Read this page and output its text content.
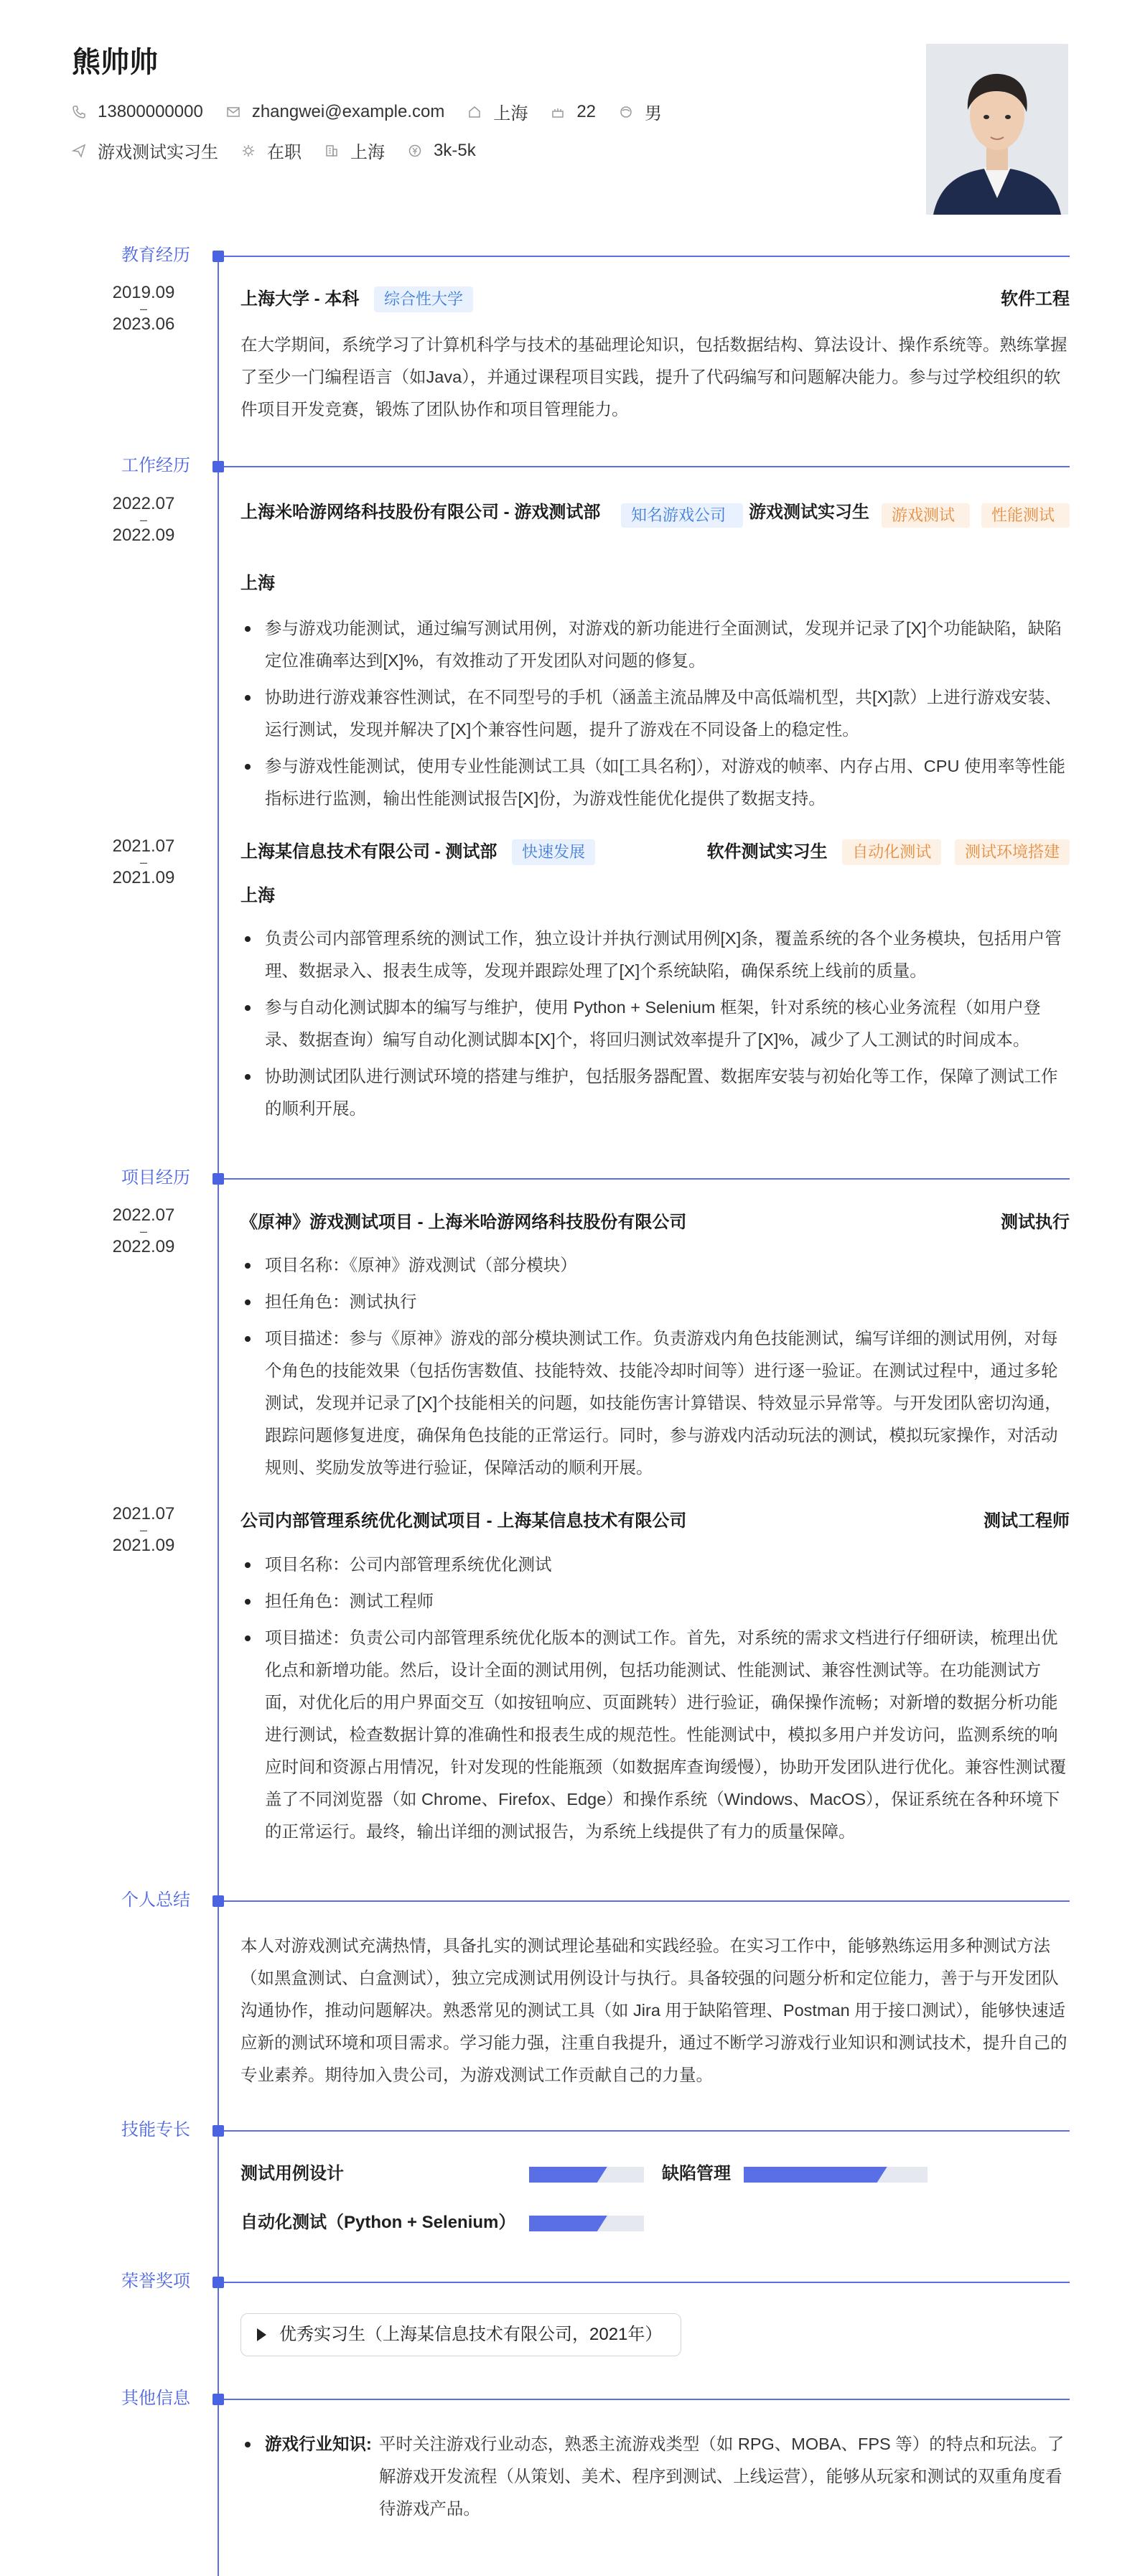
熊帅帅
13800000000	zhangwei@example.com	上海	22	男
游戏测试实习生	在职	上海	3k-5k
教育经历
2019.09
–
2023.06
上海大学 - 本科 综合性大学	软件工程
在大学期间，系统学习了计算机科学与技术的基础理论知识，包括数据结构、算法设计、操作系统等。熟练掌握了至少一门编程语言（如Java），并通过课程项目实践，提升了代码编写和问题解决能力。参与过学校组织的软件项目开发竞赛，锻炼了团队协作和项目管理能力。
工作经历
2022.07
–
2022.09
上海米哈游网络科技股份有限公司 - 游戏测试部	知名游戏公司	游戏测试实习生	游戏测试	性能测试
上海
参与游戏功能测试，通过编写测试用例，对游戏的新功能进行全面测试，发现并记录了[X]个功能缺陷，缺陷定位准确率达到[X]%，有效推动了开发团队对问题的修复。
协助进行游戏兼容性测试，在不同型号的手机（涵盖主流品牌及中高低端机型，共[X]款）上进行游戏安装、运行测试，发现并解决了[X]个兼容性问题，提升了游戏在不同设备上的稳定性。
参与游戏性能测试，使用专业性能测试工具（如[工具名称]），对游戏的帧率、内存占用、CPU 使用率等性能指标进行监测，输出性能测试报告[X]份，为游戏性能优化提供了数据支持。
2021.07
–
2021.09
上海某信息技术有限公司 - 测试部 快速发展	软件测试实习生 自动化测试 测试环境搭建
上海
负责公司内部管理系统的测试工作，独立设计并执行测试用例[X]条，覆盖系统的各个业务模块，包括用户管理、数据录入、报表生成等，发现并跟踪处理了[X]个系统缺陷，确保系统上线前的质量。
参与自动化测试脚本的编写与维护，使用 Python + Selenium 框架，针对系统的核心业务流程（如用户登录、数据查询）编写自动化测试脚本[X]个，将回归测试效率提升了[X]%，减少了人工测试的时间成本。
协助测试团队进行测试环境的搭建与维护，包括服务器配置、数据库安装与初始化等工作，保障了测试工作的顺利开展。
项目经历
2022.07
–
2022.09
《原神》游戏测试项目 - 上海米哈游网络科技股份有限公司	测试执行
项目名称：《原神》游戏测试（部分模块）
担任角色：测试执行
项目描述：参与《原神》游戏的部分模块测试工作。负责游戏内角色技能测试，编写详细的测试用例，对每个角色的技能效果（包括伤害数值、技能特效、技能冷却时间等）进行逐一验证。在测试过程中，通过多轮测试，发现并记录了[X]个技能相关的问题，如技能伤害计算错误、特效显示异常等。与开发团队密切沟通，跟踪问题修复进度，确保角色技能的正常运行。同时，参与游戏内活动玩法的测试，模拟玩家操作，对活动规则、奖励发放等进行验证，保障活动的顺利开展。
2021.07
–
2021.09
公司内部管理系统优化测试项目 - 上海某信息技术有限公司	测试工程师
项目名称：公司内部管理系统优化测试
担任角色：测试工程师
项目描述：负责公司内部管理系统优化版本的测试工作。首先，对系统的需求文档进行仔细研读，梳理出优化点和新增功能。然后，设计全面的测试用例，包括功能测试、性能测试、兼容性测试等。在功能测试方面，对优化后的用户界面交互（如按钮响应、页面跳转）进行验证，确保操作流畅；对新增的数据分析功能进行测试，检查数据计算的准确性和报表生成的规范性。性能测试中，模拟多用户并发访问，监测系统的响应时间和资源占用情况，针对发现的性能瓶颈（如数据库查询缓慢），协助开发团队进行优化。兼容性测试覆盖了不同浏览器（如 Chrome、Firefox、Edge）和操作系统（Windows、MacOS），保证系统在各种环境下的正常运行。最终，输出详细的测试报告，为系统上线提供了有力的质量保障。
个人总结
本人对游戏测试充满热情，具备扎实的测试理论基础和实践经验。在实习工作中，能够熟练运用多种测试方法（如黑盒测试、白盒测试），独立完成测试用例设计与执行。具备较强的问题分析和定位能力，善于与开发团队沟通协作，推动问题解决。熟悉常见的测试工具（如 Jira 用于缺陷管理、Postman 用于接口测试），能够快速适应新的测试环境和项目需求。学习能力强，注重自我提升，通过不断学习游戏行业知识和测试技术，提升自己的专业素养。期待加入贵公司，为游戏测试工作贡献自己的力量。
技能专长
测试用例设计	缺陷管理
自动化测试（Python + Selenium）
荣誉奖项
优秀实习生（上海某信息技术有限公司，2021年）
其他信息
游戏行业知识: 平时关注游戏行业动态，熟悉主流游戏类型（如 RPG、MOBA、FPS 等）的特点和玩法。了解游戏开发流程（从策划、美术、程序到测试、上线运营），能够从玩家和测试的双重角度看待游戏产品。
